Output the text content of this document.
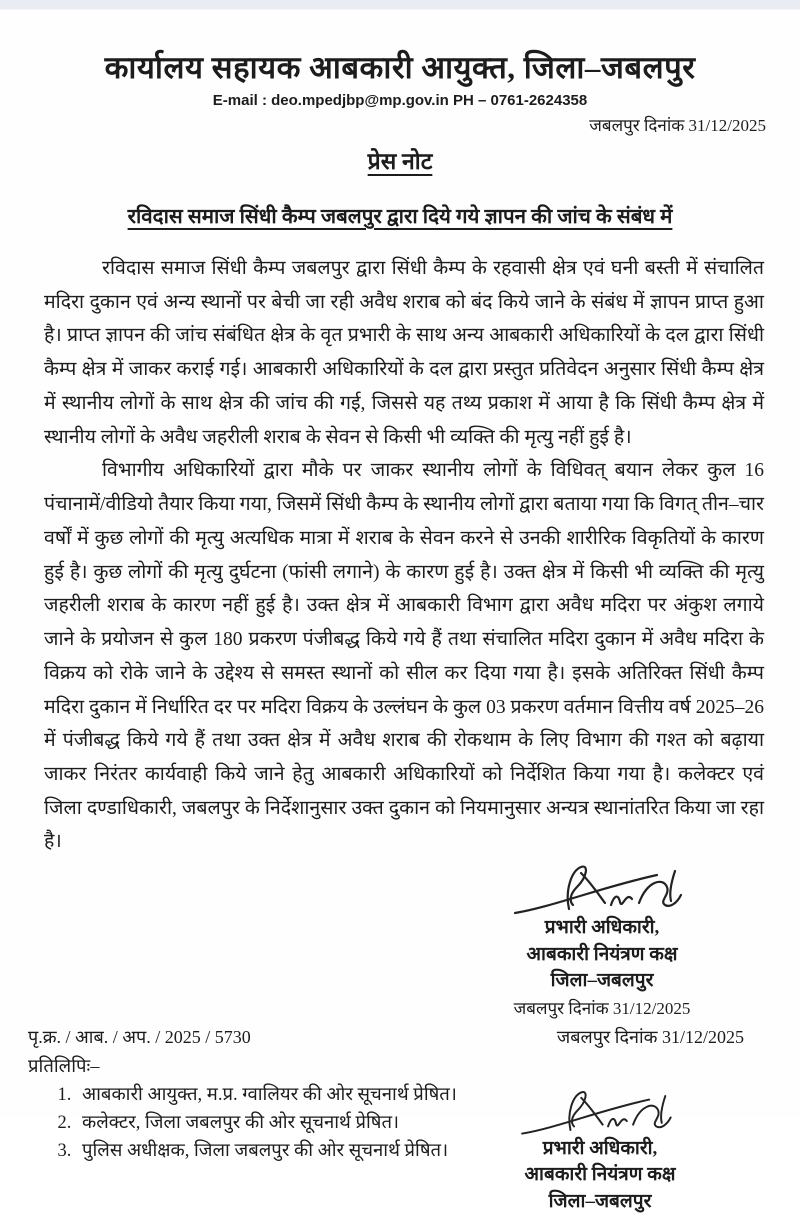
कार्यालय सहायक आबकारी आयुक्त, जिला–जबलपुर
E-mail : deo.mpedjbp@mp.gov.in PH – 0761-2624358
जबलपुर दिनांक 31/12/2025
प्रेस नोट
रविदास समाज सिंधी कैम्प जबलपुर द्वारा दिये गये ज्ञापन की जांच के संबंध में

रविदास समाज सिंधी कैम्प जबलपुर द्वारा सिंधी कैम्प के रहवासी क्षेत्र एवं घनी बस्ती में संचालित मदिरा दुकान एवं अन्य स्थानों पर बेची जा रही अवैध शराब को बंद किये जाने के संबंध में ज्ञापन प्राप्त हुआ है। प्राप्त ज्ञापन की जांच संबंधित क्षेत्र के वृत प्रभारी के साथ अन्य आबकारी अधिकारियों के दल द्वारा सिंधी कैम्प क्षेत्र में जाकर कराई गई। आबकारी अधिकारियों के दल द्वारा प्रस्तुत प्रतिवेदन अनुसार सिंधी कैम्प क्षेत्र में स्थानीय लोगों के साथ क्षेत्र की जांच की गई, जिससे यह तथ्य प्रकाश में आया है कि सिंधी कैम्प क्षेत्र में स्थानीय लोगों के अवैध जहरीली शराब के सेवन से किसी भी व्यक्ति की मृत्यु नहीं हुई है।

विभागीय अधिकारियों द्वारा मौके पर जाकर स्थानीय लोगों के विधिवत् बयान लेकर कुल 16 पंचानामें/वीडियो तैयार किया गया, जिसमें सिंधी कैम्प के स्थानीय लोगों द्वारा बताया गया कि विगत् तीन–चार वर्षों में कुछ लोगों की मृत्यु अत्यधिक मात्रा में शराब के सेवन करने से उनकी शारीरिक विकृतियों के कारण हुई है। कुछ लोगों की मृत्यु दुर्घटना (फांसी लगाने) के कारण हुई है। उक्त क्षेत्र में किसी भी व्यक्ति की मृत्यु जहरीली शराब के कारण नहीं हुई है। उक्त क्षेत्र में आबकारी विभाग द्वारा अवैध मदिरा पर अंकुश लगाये जाने के प्रयोजन से कुल 180 प्रकरण पंजीबद्ध किये गये हैं तथा संचालित मदिरा दुकान में अवैध मदिरा के विक्रय को रोके जाने के उद्देश्य से समस्त स्थानों को सील कर दिया गया है। इसके अतिरिक्त सिंधी कैम्प मदिरा दुकान में निर्धारित दर पर मदिरा विक्रय के उल्लंघन के कुल 03 प्रकरण वर्तमान वित्तीय वर्ष 2025–26 में पंजीबद्ध किये गये हैं तथा उक्त क्षेत्र में अवैध शराब की रोकथाम के लिए विभाग की गश्त को बढ़ाया जाकर निरंतर कार्यवाही किये जाने हेतु आबकारी अधिकारियों को निर्देशित किया गया है। कलेक्टर एवं जिला दण्डाधिकारी, जबलपुर के निर्देशानुसार उक्त दुकान को नियमानुसार अन्यत्र स्थानांतरित किया जा रहा है।

प्रभारी अधिकारी,
आबकारी नियंत्रण कक्ष
जिला–जबलपुर
जबलपुर दिनांक 31/12/2025
पृ.क्र. / आब. / अप. / 2025 / 5730	जबलपुर दिनांक 31/12/2025
प्रतिलिपिः–
1. आबकारी आयुक्त, म.प्र. ग्वालियर की ओर सूचनार्थ प्रेषित।
2. कलेक्टर, जिला जबलपुर की ओर सूचनार्थ प्रेषित।
3. पुलिस अधीक्षक, जिला जबलपुर की ओर सूचनार्थ प्रेषित।	प्रभारी अधिकारी,
आबकारी नियंत्रण कक्ष
जिला–जबलपुर
